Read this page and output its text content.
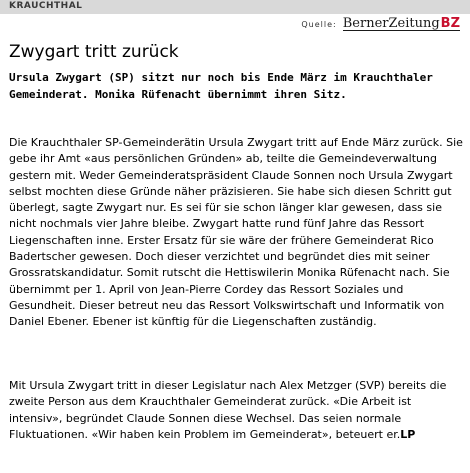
KRAUCHTHAL
Quelle: BernerZeitungBZ
Zwygart tritt zurück

Ursula Zwygart (SP) sitzt nur noch bis Ende März im Krauchthaler Gemeinderat. Monika Rüfenacht übernimmt ihren Sitz.

Die Krauchthaler SP-Gemeinderätin Ursula Zwygart tritt auf Ende März zurück. Sie gebe ihr Amt «aus persönlichen Gründen» ab, teilte die Gemeindeverwaltung gestern mit. Weder Gemeinderatspräsident Claude Sonnen noch Ursula Zwygart selbst mochten diese Gründe näher präzisieren. Sie habe sich diesen Schritt gut überlegt, sagte Zwygart nur. Es sei für sie schon länger klar gewesen, dass sie nicht nochmals vier Jahre bleibe. Zwygart hatte rund fünf Jahre das Ressort Liegenschaften inne. Erster Ersatz für sie wäre der frühere Gemeinderat Rico Badertscher gewesen. Doch dieser verzichtet und begründet dies mit seiner Grossratskandidatur. Somit rutscht die Hettiswilerin Monika Rüfenacht nach. Sie übernimmt per 1. April von Jean-Pierre Cordey das Ressort Soziales und Gesundheit. Dieser betreut neu das Ressort Volkswirtschaft und Informatik von Daniel Ebener. Ebener ist künftig für die Liegenschaften zuständig.

Mit Ursula Zwygart tritt in dieser Legislatur nach Alex Metzger (SVP) bereits die zweite Person aus dem Krauchthaler Gemeinderat zurück. «Die Arbeit ist intensiv», begründet Claude Sonnen diese Wechsel. Das seien normale Fluktuationen. «Wir haben kein Problem im Gemeinderat», beteuert er.LP
